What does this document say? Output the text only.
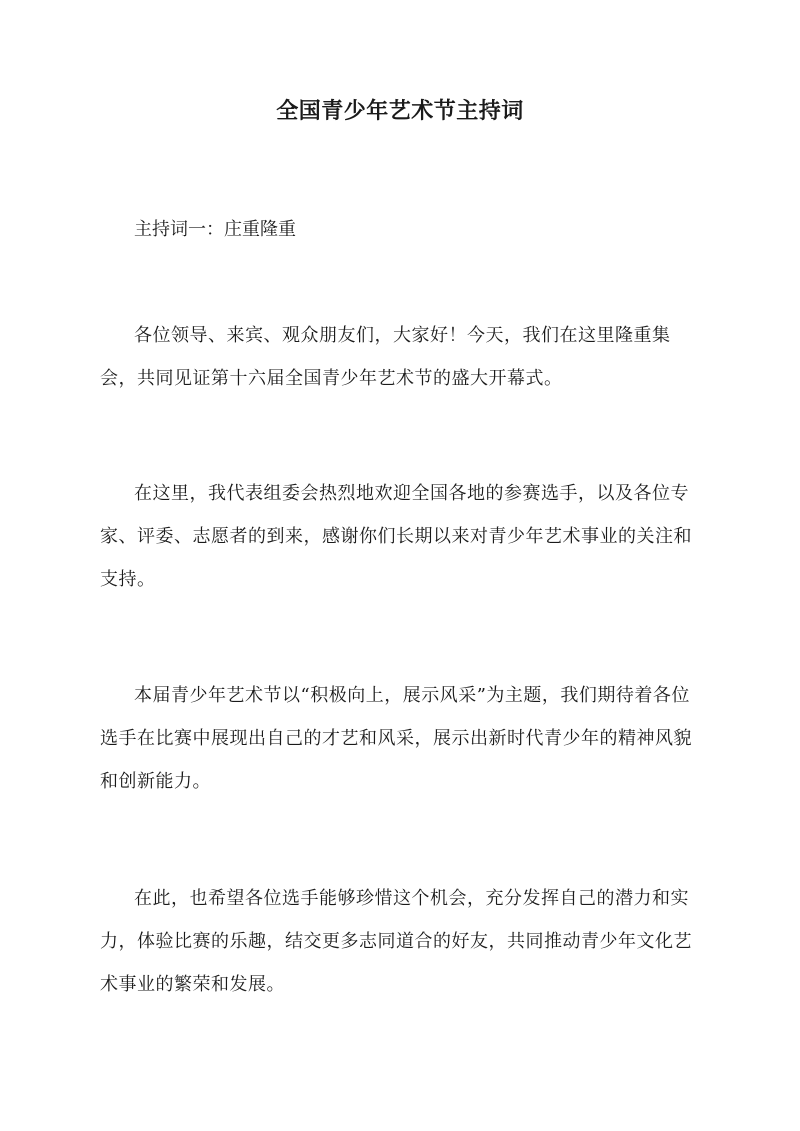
全国青少年艺术节主持词

主持词一：庄重隆重

各位领导、来宾、观众朋友们，大家好！今天，我们在这里隆重集会，共同见证第十六届全国青少年艺术节的盛大开幕式。

在这里，我代表组委会热烈地欢迎全国各地的参赛选手，以及各位专家、评委、志愿者的到来，感谢你们长期以来对青少年艺术事业的关注和支持。

本届青少年艺术节以“积极向上，展示风采”为主题，我们期待着各位选手在比赛中展现出自己的才艺和风采，展示出新时代青少年的精神风貌和创新能力。

在此，也希望各位选手能够珍惜这个机会，充分发挥自己的潜力和实力，体验比赛的乐趣，结交更多志同道合的好友，共同推动青少年文化艺术事业的繁荣和发展。
